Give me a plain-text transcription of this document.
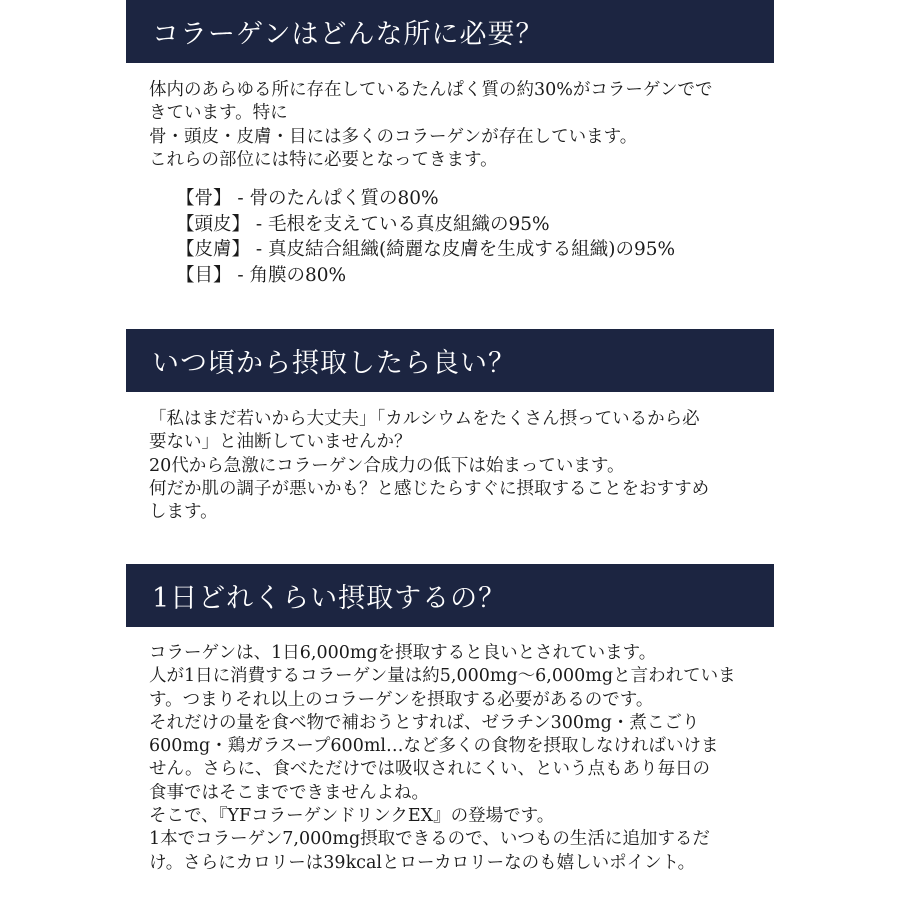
コラーゲンはどんな所に必要？

体内のあらゆる所に存在しているたんぱく質の約30%がコラーゲンでで
きています。特に
骨・頭皮・皮膚・目には多くのコラーゲンが存在しています。
これらの部位には特に必要となってきます。

【骨】 - 骨のたんぱく質の80%
【頭皮】 - 毛根を支えている真皮組織の95%
【皮膚】 - 真皮結合組織(綺麗な皮膚を生成する組織)の95%
【目】 - 角膜の80%

いつ頃から摂取したら良い？

「私はまだ若いから大丈夫」「カルシウムをたくさん摂っているから必
要ない」と油断していませんか？
20代から急激にコラーゲン合成力の低下は始まっています。
何だか肌の調子が悪いかも？と感じたらすぐに摂取することをおすすめ
します。

1日どれくらい摂取するの？

コラーゲンは、1日6,000mgを摂取すると良いとされています。
人が1日に消費するコラーゲン量は約5,000mg～6,000mgと言われていま
す。つまりそれ以上のコラーゲンを摂取する必要があるのです。
それだけの量を食べ物で補おうとすれば、ゼラチン300mg・煮こごり
600mg・鶏ガラスープ600ml…など多くの食物を摂取しなければいけま
せん。さらに、食べただけでは吸収されにくい、という点もあり毎日の
食事ではそこまでできませんよね。
そこで、『YFコラーゲンドリンクEX』の登場です。
1本でコラーゲン7,000mg摂取できるので、いつもの生活に追加するだ
け。さらにカロリーは39kcalとローカロリーなのも嬉しいポイント。
